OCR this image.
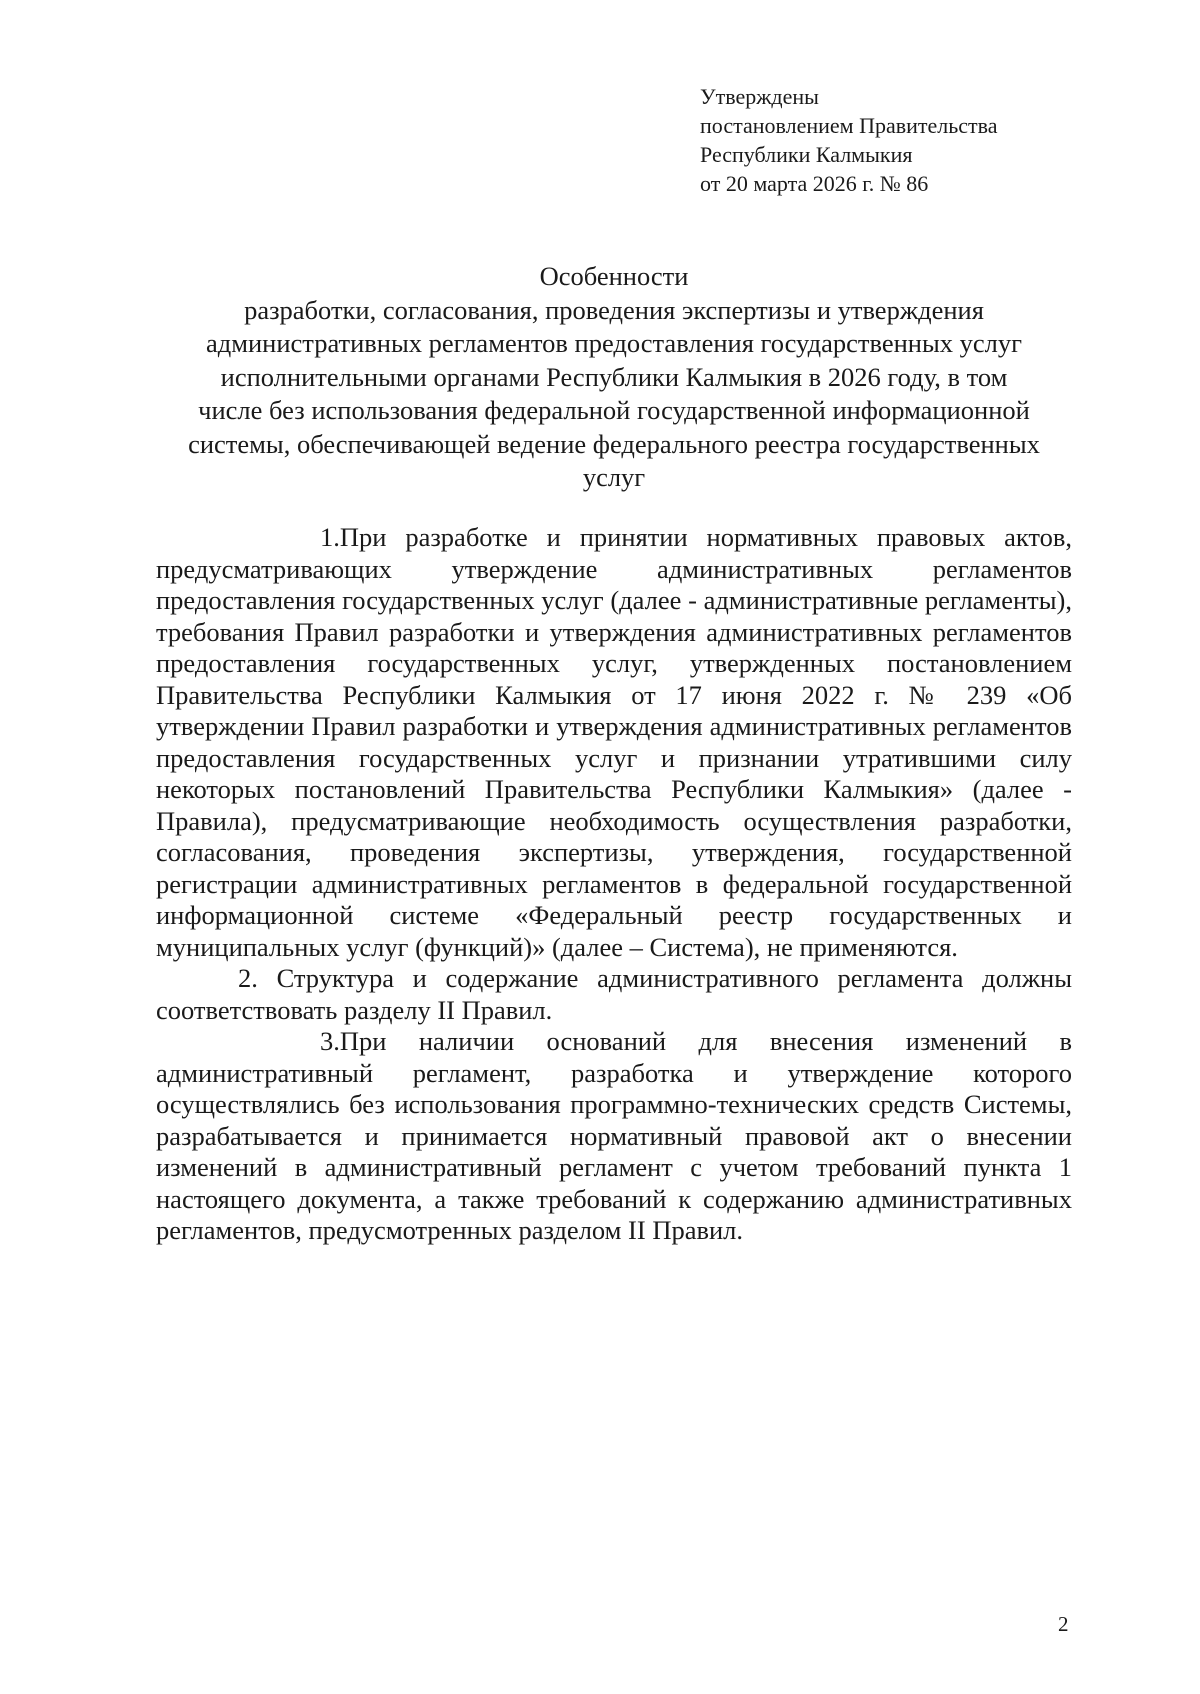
Утверждены
постановлением Правительства
Республики Калмыкия
от 20 марта 2026 г. № 86
Особенности
разработки, согласования, проведения экспертизы и утверждения
административных регламентов предоставления государственных услуг
исполнительными органами Республики Калмыкия в 2026 году, в том
числе без использования федеральной государственной информационной
системы, обеспечивающей ведение федерального реестра государственных
услуг

1.При разработке и принятии нормативных правовых актов, предусматривающих утверждение административных регламентов предоставления государственных услуг (далее - административные регламенты), требования Правил разработки и утверждения административных регламентов предоставления государственных услуг, утвержденных постановлением Правительства Республики Калмыкия от 17 июня 2022 г. № 239 «Об утверждении Правил разработки и утверждения административных регламентов предоставления государственных услуг и признании утратившими силу некоторых постановлений Правительства Республики Калмыкия» (далее - Правила), предусматривающие необходимость осуществления разработки, согласования, проведения экспертизы, утверждения, государственной регистрации административных регламентов в федеральной государственной информационной системе «Федеральный реестр государственных и муниципальных услуг (функций)» (далее – Система), не применяются.

2. Структура и содержание административного регламента должны соответствовать разделу II Правил.

3.При наличии оснований для внесения изменений в административный регламент, разработка и утверждение которого осуществлялись без использования программно-технических средств Системы, разрабатывается и принимается нормативный правовой акт о внесении изменений в административный регламент с учетом требований пункта 1 настоящего документа, а также требований к содержанию административных регламентов, предусмотренных разделом II Правил.

2
